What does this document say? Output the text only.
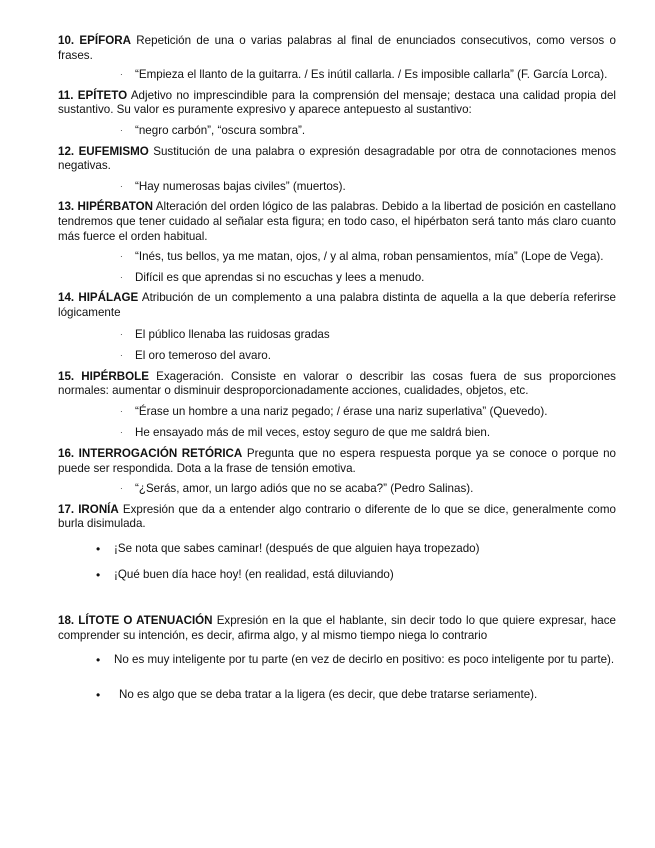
10. EPÍFORA Repetición de una o varias palabras al final de enunciados consecutivos, como versos o frases.

· “Empieza el llanto de la guitarra. / Es inútil callarla. / Es imposible callarla” (F. García Lorca).

11. EPÍTETO Adjetivo no imprescindible para la comprensión del mensaje; destaca una calidad propia del sustantivo. Su valor es puramente expresivo y aparece antepuesto al sustantivo:

· “negro carbón”, “oscura sombra”.

12. EUFEMISMO Sustitución de una palabra o expresión desagradable por otra de connotaciones menos negativas.

· “Hay numerosas bajas civiles” (muertos).

13. HIPÉRBATON Alteración del orden lógico de las palabras. Debido a la libertad de posición en castellano tendremos que tener cuidado al señalar esta figura; en todo caso, el hipérbaton será tanto más claro cuanto más fuerce el orden habitual.

· “Inés, tus bellos, ya me matan, ojos, / y al alma, roban pensamientos, mía” (Lope de Vega).
· Difícil es que aprendas si no escuchas y lees a menudo.

14. HIPÁLAGE Atribución de un complemento a una palabra distinta de aquella a la que debería referirse lógicamente

· El público llenaba las ruidosas gradas
· El oro temeroso del avaro.

15. HIPÉRBOLE Exageración. Consiste en valorar o describir las cosas fuera de sus proporciones normales: aumentar o disminuir desproporcionadamente acciones, cualidades, objetos, etc.

· “Érase un hombre a una nariz pegado; / érase una nariz superlativa” (Quevedo).
· He ensayado más de mil veces, estoy seguro de que me saldrá bien.

16. INTERROGACIÓN RETÓRICA Pregunta que no espera respuesta porque ya se conoce o porque no puede ser respondida. Dota a la frase de tensión emotiva.

· “¿Serás, amor, un largo adiós que no se acaba?” (Pedro Salinas).

17. IRONÍA Expresión que da a entender algo contrario o diferente de lo que se dice, generalmente como burla disimulada.

• ¡Se nota que sabes caminar! (después de que alguien haya tropezado)
• ¡Qué buen día hace hoy! (en realidad, está diluviando)

18. LÍTOTE O ATENUACIÓN Expresión en la que el hablante, sin decir todo lo que quiere expresar, hace comprender su intención, es decir, afirma algo, y al mismo tiempo niega lo contrario

• No es muy inteligente por tu parte (en vez de decirlo en positivo: es poco inteligente por tu parte).
• No es algo que se deba tratar a la ligera (es decir, que debe tratarse seriamente).
